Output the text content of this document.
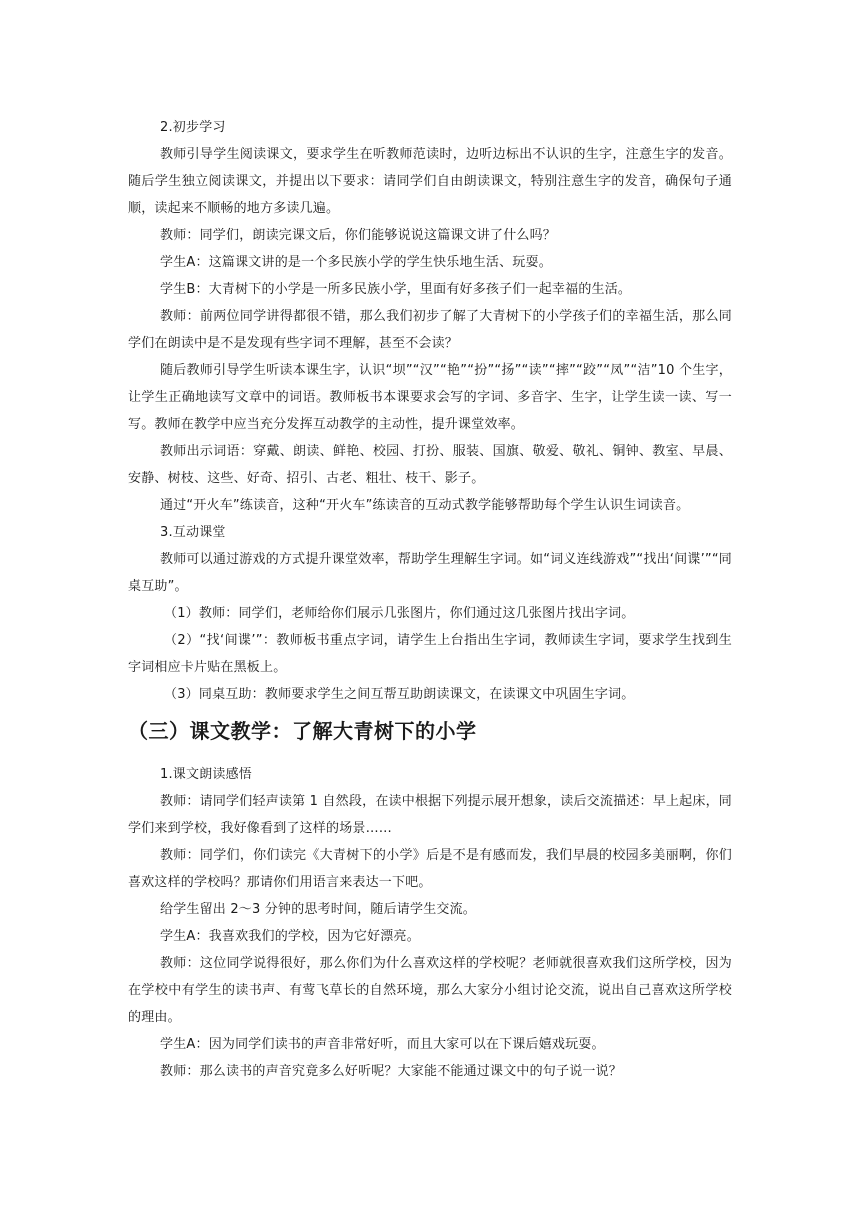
2.初步学习

教师引导学生阅读课文，要求学生在听教师范读时，边听边标出不认识的生字，注意生字的发音。随后学生独立阅读课文，并提出以下要求：请同学们自由朗读课文，特别注意生字的发音，确保句子通顺，读起来不顺畅的地方多读几遍。

教师：同学们，朗读完课文后，你们能够说说这篇课文讲了什么吗？

学生A：这篇课文讲的是一个多民族小学的学生快乐地生活、玩耍。

学生B：大青树下的小学是一所多民族小学，里面有好多孩子们一起幸福的生活。

教师：前两位同学讲得都很不错，那么我们初步了解了大青树下的小学孩子们的幸福生活，那么同学们在朗读中是不是发现有些字词不理解，甚至不会读？

随后教师引导学生听读本课生字，认识“坝”“汉”“艳”“扮”“扬”“读”“摔”“跤”“凤”“洁”10 个生字，让学生正确地读写文章中的词语。教师板书本课要求会写的字词、多音字、生字，让学生读一读、写一写。教师在教学中应当充分发挥互动教学的主动性，提升课堂效率。

教师出示词语：穿戴、朗读、鲜艳、校园、打扮、服装、国旗、敬爱、敬礼、铜钟、教室、早晨、安静、树枝、这些、好奇、招引、古老、粗壮、枝干、影子。

通过“开火车”练读音，这种“开火车”练读音的互动式教学能够帮助每个学生认识生词读音。

3.互动课堂

教师可以通过游戏的方式提升课堂效率，帮助学生理解生字词。如“词义连线游戏”“找出‘间谍’”“同桌互助”。

（1）教师：同学们，老师给你们展示几张图片，你们通过这几张图片找出字词。

（2）“找‘间谍’”：教师板书重点字词，请学生上台指出生字词，教师读生字词，要求学生找到生字词相应卡片贴在黑板上。

（3）同桌互助：教师要求学生之间互帮互助朗读课文，在读课文中巩固生字词。

（三）课文教学：了解大青树下的小学

1.课文朗读感悟

教师：请同学们轻声读第 1 自然段，在读中根据下列提示展开想象，读后交流描述：早上起床，同学们来到学校，我好像看到了这样的场景……

教师：同学们，你们读完《大青树下的小学》后是不是有感而发，我们早晨的校园多美丽啊，你们喜欢这样的学校吗？那请你们用语言来表达一下吧。

给学生留出 2～3 分钟的思考时间，随后请学生交流。

学生A：我喜欢我们的学校，因为它好漂亮。

教师：这位同学说得很好，那么你们为什么喜欢这样的学校呢？老师就很喜欢我们这所学校，因为在学校中有学生的读书声、有莺飞草长的自然环境，那么大家分小组讨论交流，说出自己喜欢这所学校的理由。

学生A：因为同学们读书的声音非常好听，而且大家可以在下课后嬉戏玩耍。

教师：那么读书的声音究竟多么好听呢？大家能不能通过课文中的句子说一说？
